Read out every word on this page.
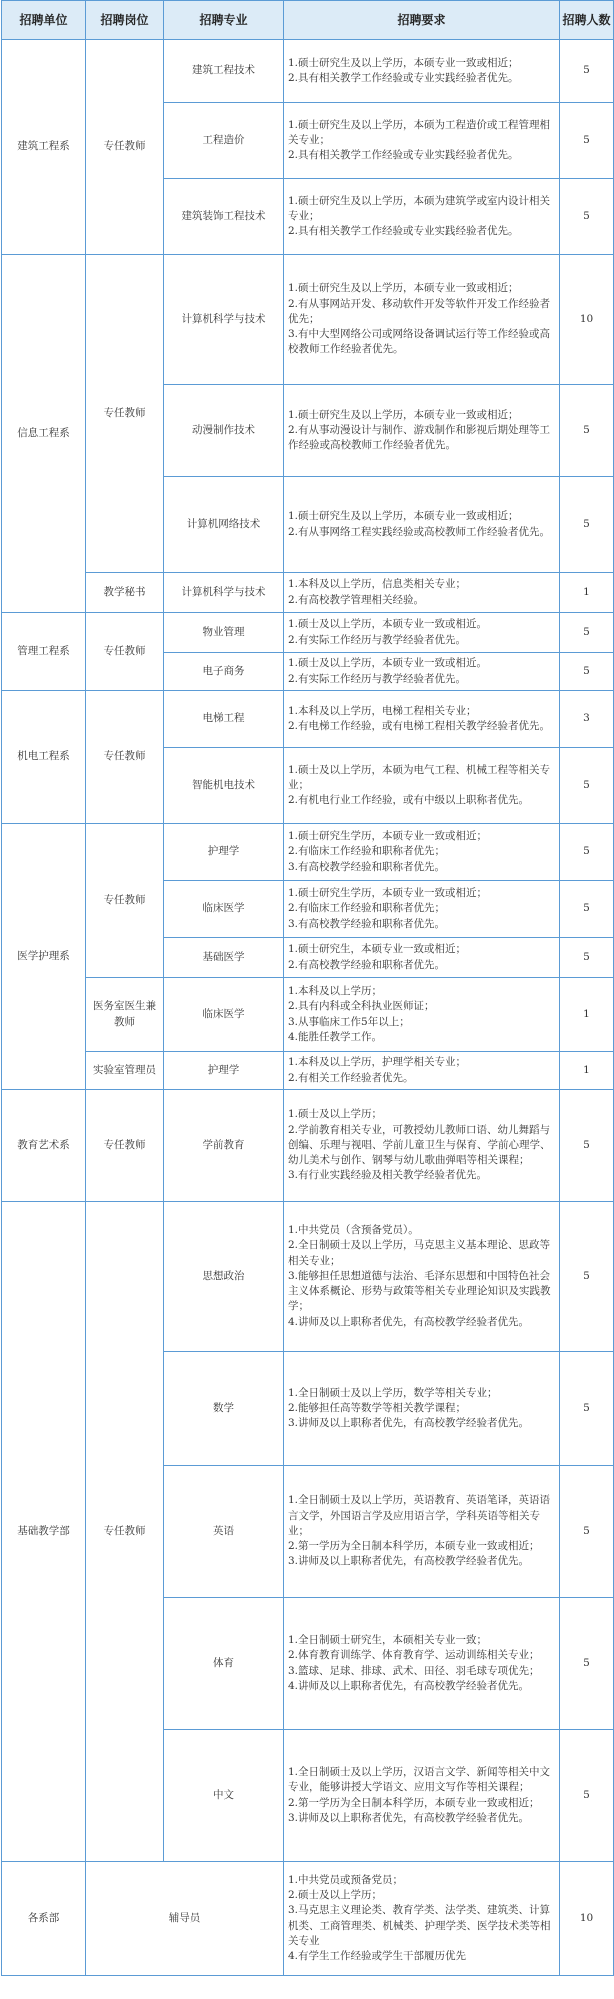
招聘单位	招聘岗位	招聘专业	招聘要求	招聘人数
建筑工程系	专任教师	建筑工程技术	1.硕士研究生及以上学历，本硕专业一致或相近；
2.具有相关教学工作经验或专业实践经验者优先。	5
		工程造价	1.硕士研究生及以上学历，本硕为工程造价或工程管理相关专业；
2.具有相关教学工作经验或专业实践经验者优先。	5
		建筑装饰工程技术	1.硕士研究生及以上学历，本硕为建筑学或室内设计相关专业；
2.具有相关教学工作经验或专业实践经验者优先。	5
信息工程系	专任教师	计算机科学与技术	1.硕士研究生及以上学历，本硕专业一致或相近；
2.有从事网站开发、移动软件开发等软件开发工作经验者优先；
3.有中大型网络公司或网络设备调试运行等工作经验或高校教师工作经验者优先。	10
		动漫制作技术	1.硕士研究生及以上学历，本硕专业一致或相近；
2.有从事动漫设计与制作、游戏制作和影视后期处理等工作经验或高校教师工作经验者优先。	5
		计算机网络技术	1.硕士研究生及以上学历，本硕专业一致或相近；
2.有从事网络工程实践经验或高校教师工作经验者优先。	5
	教学秘书	计算机科学与技术	1.本科及以上学历，信息类相关专业；
2.有高校教学管理相关经验。	1
管理工程系	专任教师	物业管理	1.硕士及以上学历，本硕专业一致或相近。
2.有实际工作经历与教学经验者优先。	5
		电子商务	1.硕士及以上学历，本硕专业一致或相近。
2.有实际工作经历与教学经验者优先。	5
机电工程系	专任教师	电梯工程	1.本科及以上学历，电梯工程相关专业；
2.有电梯工作经验，或有电梯工程相关教学经验者优先。	3
		智能机电技术	1.硕士及以上学历，本硕为电气工程、机械工程等相关专业；
2.有机电行业工作经验，或有中级以上职称者优先。	5
医学护理系	专任教师	护理学	1.硕士研究生学历，本硕专业一致或相近；
2.有临床工作经验和职称者优先；
3.有高校教学经验和职称者优先。	5
		临床医学	1.硕士研究生学历，本硕专业一致或相近；
2.有临床工作经验和职称者优先；
3.有高校教学经验和职称者优先。	5
		基础医学	1.硕士研究生，本硕专业一致或相近；
2.有高校教学经验和职称者优先。	5
	医务室医生兼教师	临床医学	1.本科及以上学历；
2.具有内科或全科执业医师证；
3.从事临床工作5年以上；
4.能胜任教学工作。	1
	实验室管理员	护理学	1.本科及以上学历，护理学相关专业；
2.有相关工作经验者优先。	1
教育艺术系	专任教师	学前教育	1.硕士及以上学历；
2.学前教育相关专业，可教授幼儿教师口语、幼儿舞蹈与创编、乐理与视唱、学前儿童卫生与保育、学前心理学、幼儿美术与创作、钢琴与幼儿歌曲弹唱等相关课程；
3.有行业实践经验及相关教学经验者优先。	5
基础教学部	专任教师	思想政治	1.中共党员（含预备党员）。
2.全日制硕士及以上学历，马克思主义基本理论、思政等相关专业；
3.能够担任思想道德与法治、毛泽东思想和中国特色社会主义体系概论、形势与政策等相关专业理论知识及实践教学；
4.讲师及以上职称者优先，有高校教学经验者优先。	5
		数学	1.全日制硕士及以上学历，数学等相关专业；
2.能够担任高等数学等相关教学课程；
3.讲师及以上职称者优先，有高校教学经验者优先。	5
		英语	1.全日制硕士及以上学历，英语教育、英语笔译，英语语言文学，外国语言学及应用语言学，学科英语等相关专业；
2.第一学历为全日制本科学历，本硕专业一致或相近；
3.讲师及以上职称者优先，有高校教学经验者优先。	5
		体育	1.全日制硕士研究生，本硕相关专业一致；
2.体育教育训练学、体育教育学、运动训练相关专业；
3.篮球、足球、排球、武术、田径、羽毛球专项优先；
4.讲师及以上职称者优先，有高校教学经验者优先。	5
		中文	1.全日制硕士及以上学历，汉语言文学、新闻等相关中文专业，能够讲授大学语文、应用文写作等相关课程；
2.第一学历为全日制本科学历，本硕专业一致或相近；
3.讲师及以上职称者优先，有高校教学经验者优先。	5
各系部	辅导员		1.中共党员或预备党员；
2.硕士及以上学历；
3.马克思主义理论类、教育学类、法学类、建筑类、计算机类、工商管理类、机械类、护理学类、医学技术类等相关专业
4.有学生工作经验或学生干部履历优先	10
